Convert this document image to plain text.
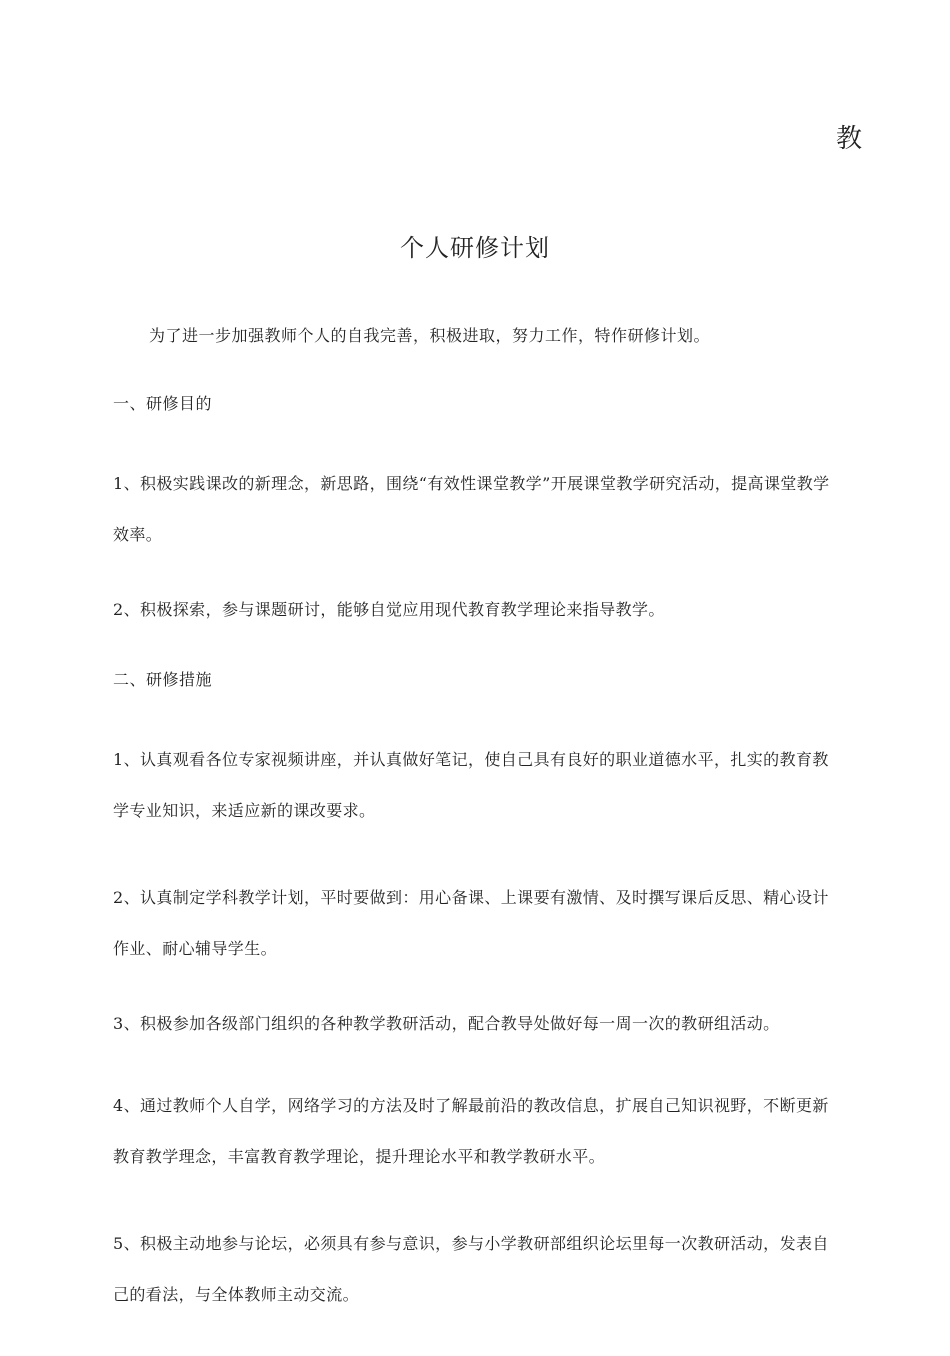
教
个人研修计划

为了进一步加强教师个人的自我完善，积极进取，努力工作，特作研修计划。

一、研修目的

1、积极实践课改的新理念，新思路，围绕“有效性课堂教学”开展课堂教学研究活动，提高课堂教学效率。

2、积极探索，参与课题研讨，能够自觉应用现代教育教学理论来指导教学。

二、研修措施

1、认真观看各位专家视频讲座，并认真做好笔记，使自己具有良好的职业道德水平，扎实的教育教学专业知识，来适应新的课改要求。

2、认真制定学科教学计划，平时要做到：用心备课、上课要有激情、及时撰写课后反思、精心设计作业、耐心辅导学生。

3、积极参加各级部门组织的各种教学教研活动，配合教导处做好每一周一次的教研组活动。

4、通过教师个人自学，网络学习的方法及时了解最前沿的教改信息，扩展自己知识视野，不断更新教育教学理念，丰富教育教学理论，提升理论水平和教学教研水平。

5、积极主动地参与论坛，必须具有参与意识，参与小学教研部组织论坛里每一次教研活动，发表自己的看法，与全体教师主动交流。
